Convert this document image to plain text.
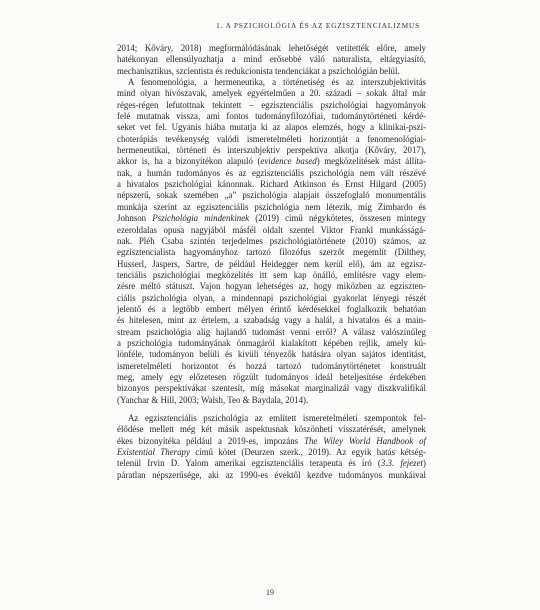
1. A PSZICHOLÓGIA ÉS AZ EGZISZTENCIALIZMUS

2014; Kőváry, 2018) megformálódásának lehetőségét vetítették előre, amely
hatékonyan ellensúlyozhatja a mind erősebbé váló naturalista, eltárgyiasító,
mechanisztikus, szcientista és redukcionista tendenciákat a pszichológián belül.

A fenomenológia, a hermeneutika, a történetiség és az interszubjektivitás
mind olyan hívószavak, amelyek egyértelműen a 20. századi – sokak által már
réges-régen lefutottnak tekintett – egzisztenciális pszichológiai hagyományok
felé mutatnak vissza, ami fontos tudományfilozófiai, tudománytörténeti kérdé-
seket vet fel. Ugyanis hiába mutatja ki az alapos elemzés, hogy a klinikai-pszi-
choterápiás tevékenység valódi ismeretelméleti horizontját a fenomenológiai-
hermeneutikai, történeti és interszubjektív perspektíva alkotja (Kőváry, 2017),
akkor is, ha a bizonyítékon alapuló (evidence based) megközelítések mást állíta-
nak, a humán tudományos és az egzisztenciális pszichológia nem vált részévé
a hivatalos pszichológiai kánonnak. Richard Atkinson és Ernst Hilgard (2005)
népszerű, sokak szemében „a” pszichológia alapjait összefoglaló monumentális
munkája szerint az egzisztenciális pszichológia nem létezik, míg Zimbardo és
Johnson Pszichológia mindenkinek (2019) című négykötetes, összesen mintegy
ezeroldalas opusa nagyjából másfél oldalt szentel Viktor Frankl munkásságá-
nak. Pléh Csaba szintén terjedelmes pszichológiatörténete (2010) számos, az
egzisztencialista hagyományhoz tartozó filozófus szerzőt megemlít (Dilthey,
Husserl, Jaspers, Sartre, de például Heidegger nem kerül elő), ám az egzisz-
tenciális pszichológiai megközelítés itt sem kap önálló, említésre vagy elem-
zésre méltó státuszt. Vajon hogyan lehetséges az, hogy miközben az egziszten-
ciális pszichológia olyan, a mindennapi pszichológiai gyakorlat lényegi részét
jelentő és a legtöbb embert mélyen érintő kérdésekkel foglalkozik behatóan
és hitelesen, mint az értelem, a szabadság vagy a halál, a hivatalos és a main-
stream pszichológia alig hajlandó tudomást venni erről? A válasz valószínűleg
a pszichológia tudományának önmagáról kialakított képében rejlik, amely kü-
lönféle, tudományon belüli és kívüli tényezők hatására olyan sajátos identitást,
ismeretelméleti horizontot és hozzá tartozó tudománytörténetet konstruált
meg, amely egy előzetesen rögzült tudományos ideál beteljesítése érdekében
bizonyos perspektívákat szentesít, míg másokat marginalizál vagy diszkvalifikál
(Yanchar & Hill, 2003; Walsh, Teo & Baydala, 2014).

Az egzisztenciális pszichológia az említett ismeretelméleti szempontok fel-
élődése mellett még két másik aspektusnak köszönheti visszatérését, amelynek
ékes bizonyítéka például a 2019-es, impozáns The Wiley World Handbook of
Existential Therapy című kötet (Deurzen szerk., 2019). Az egyik hatás kétség-
telenül Irvin D. Yalom amerikai egzisztenciális terapeuta és író (3.3. fejezet)
páratlan népszerűsége, aki az 1990-es évektől kezdve tudományos munkáival

19
